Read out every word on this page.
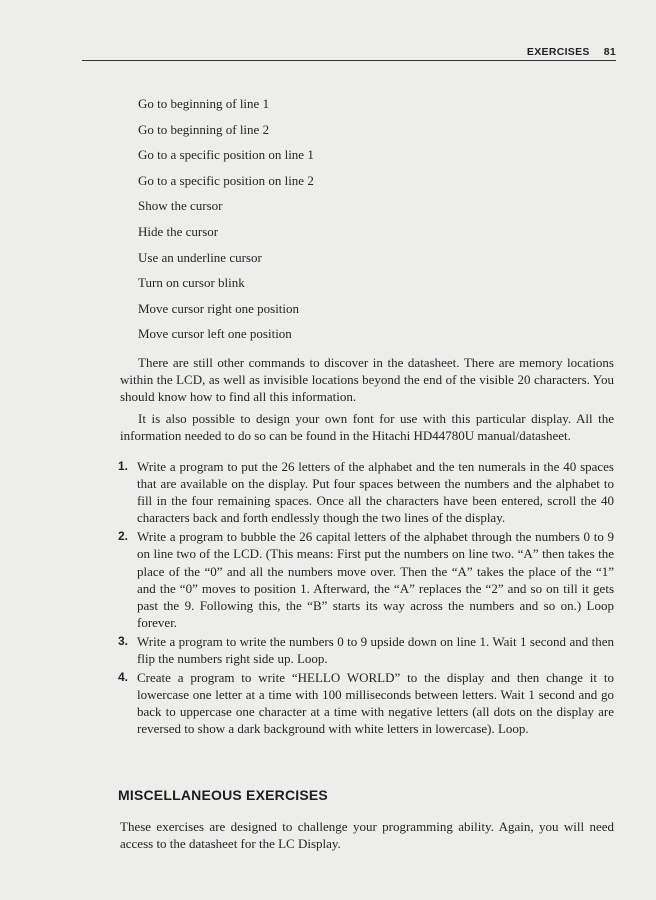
EXERCISES 81
Go to beginning of line 1
Go to beginning of line 2
Go to a specific position on line 1
Go to a specific position on line 2
Show the cursor
Hide the cursor
Use an underline cursor
Turn on cursor blink
Move cursor right one position
Move cursor left one position
There are still other commands to discover in the datasheet. There are memory locations within the LCD, as well as invisible locations beyond the end of the visible 20 characters. You should know how to find all this information.
It is also possible to design your own font for use with this particular display. All the information needed to do so can be found in the Hitachi HD44780U manual/datasheet.
1. Write a program to put the 26 letters of the alphabet and the ten numerals in the 40 spaces that are available on the display. Put four spaces between the numbers and the alphabet to fill in the four remaining spaces. Once all the characters have been entered, scroll the 40 characters back and forth endlessly though the two lines of the display.
2. Write a program to bubble the 26 capital letters of the alphabet through the numbers 0 to 9 on line two of the LCD. (This means: First put the numbers on line two. “A” then takes the place of the “0” and all the numbers move over. Then the “A” takes the place of the “1” and the “0” moves to position 1. Afterward, the “A” replaces the “2” and so on till it gets past the 9. Following this, the “B” starts its way across the numbers and so on.) Loop forever.
3. Write a program to write the numbers 0 to 9 upside down on line 1. Wait 1 second and then flip the numbers right side up. Loop.
4. Create a program to write “HELLO WORLD” to the display and then change it to lowercase one letter at a time with 100 milliseconds between letters. Wait 1 second and go back to uppercase one character at a time with negative letters (all dots on the display are reversed to show a dark background with white letters in lowercase). Loop.
MISCELLANEOUS EXERCISES
These exercises are designed to challenge your programming ability. Again, you will need access to the datasheet for the LC Display.
